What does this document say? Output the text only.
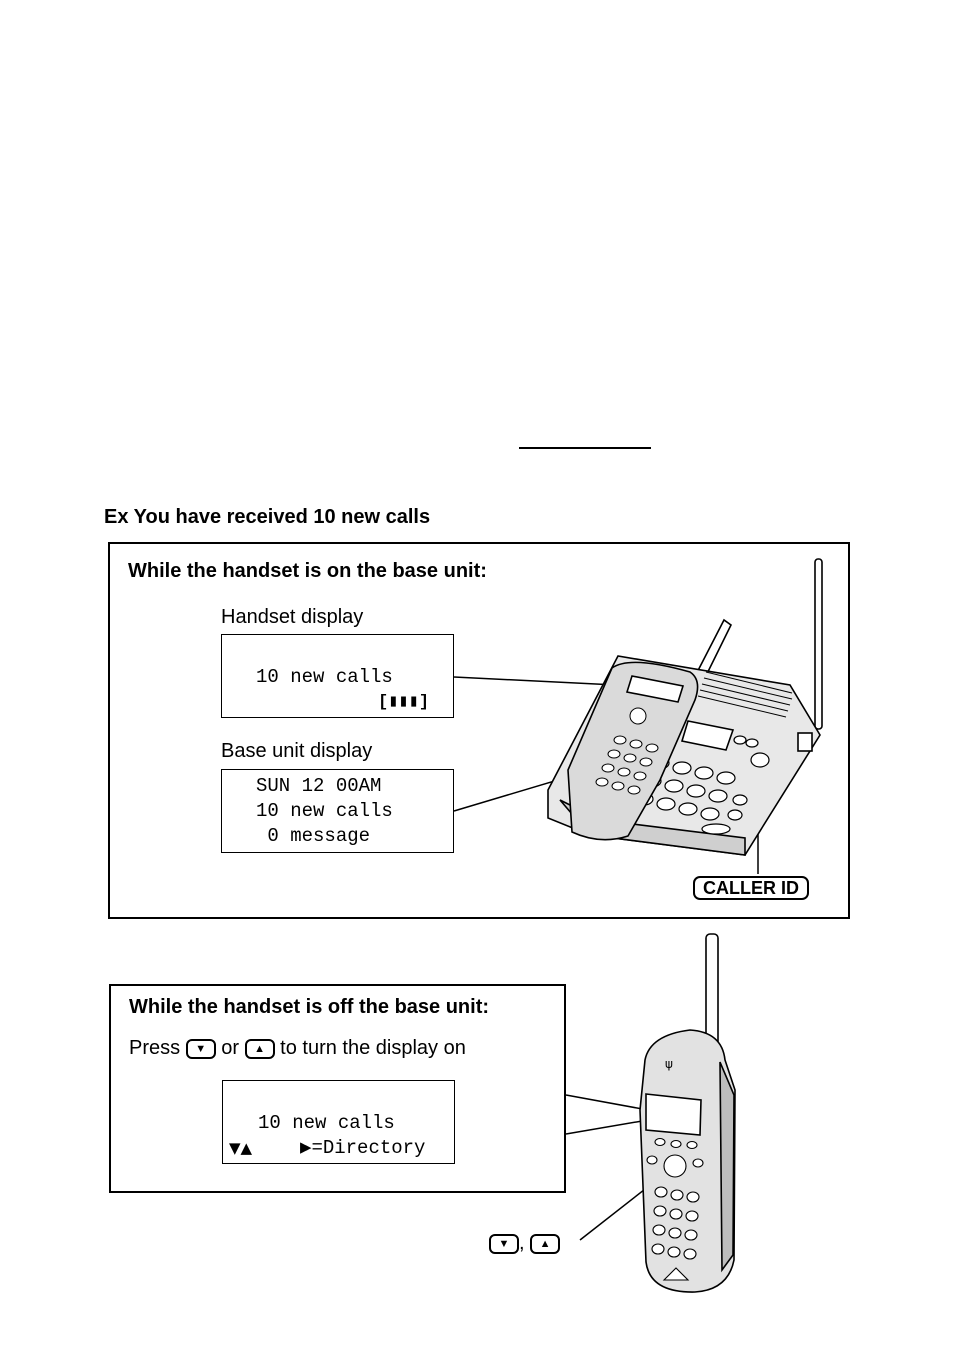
Ex You have received 10 new calls
While the handset is on the base unit:
Handset display
10 new calls
[▮▮▮]
Base unit display
SUN 12 00AM
10 new calls
0 message
CALLER ID
While the handset is off the base unit:
Press ▼ or ▲ to turn the display on
10 new calls
▼▲	▶=Directory
▼ , ▲
ψ
